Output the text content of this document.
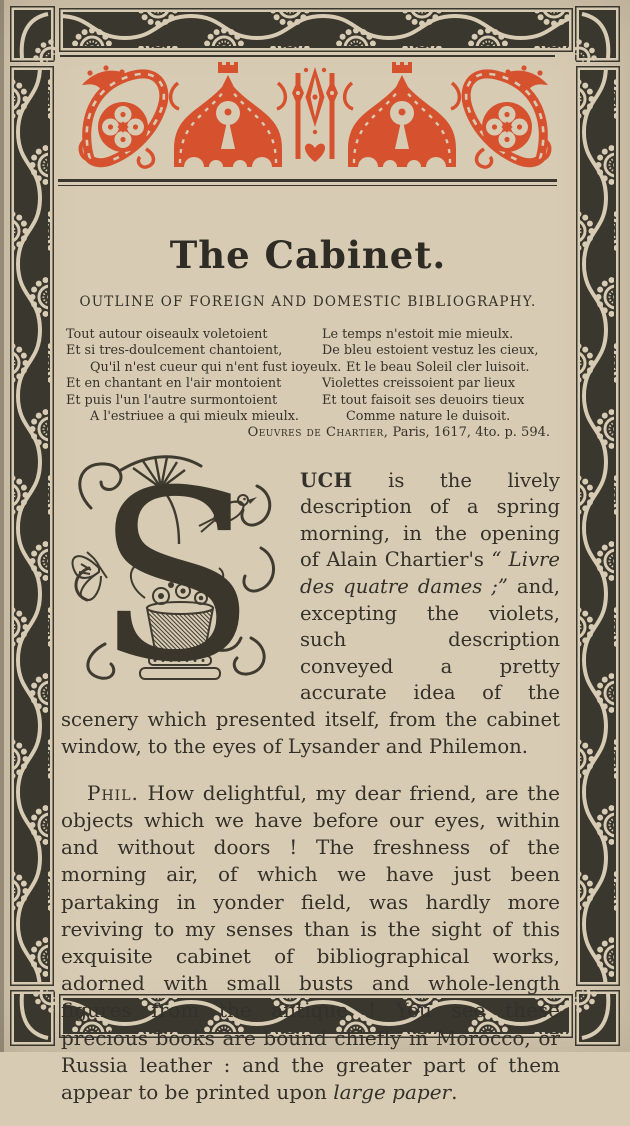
The Cabinet.
OUTLINE OF FOREIGN AND DOMESTIC BIBLIOGRAPHY.
Tout autour oiseaulx voletoient
Et si tres-doulcement chantoient,
Qu'il n'est cueur qui n'ent fust ioyeulx.
Et en chantant en l'air montoient
Et puis l'un l'autre surmontoient
A l'estriuee a qui mieulx mieulx.
Le temps n'estoit mie mieulx.
De bleu estoient vestuz les cieux,
Et le beau Soleil cler luisoit.
Violettes creissoient par lieux
Et tout faisoit ses deuoirs tieux
Comme nature le duisoit.
Oeuvres de Chartier, Paris, 1617, 4to. p. 594.
S	UCH is the lively description of a spring morning, in the opening of Alain Chartier's “ Livre des quatre dames ;” and, excepting the violets, such description conveyed a pretty accurate idea of the scenery which presented itself, from the cabinet window, to the eyes of Lysander and Philemon.

Phil. How delightful, my dear friend, are the objects which we have before our eyes, within and without doors ! The freshness of the morning air, of which we have just been partaking in yonder field, was hardly more reviving to my senses than is the sight of this exquisite cabinet of bibliographical works, adorned with small busts and whole-length figures from the antique ! You see these precious books are bound chiefly in Morocco, or Russia leather : and the greater part of them appear to be printed upon large paper.
